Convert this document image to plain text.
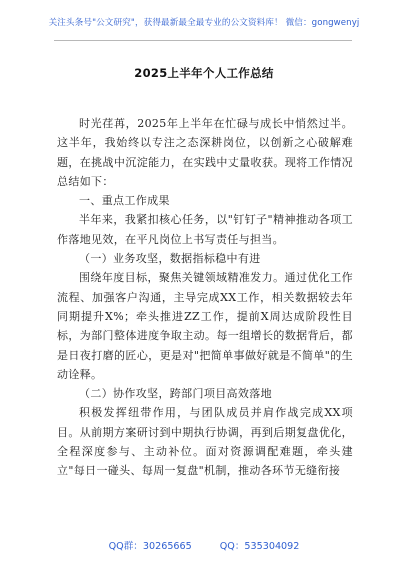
关注头条号"公文研究"，获得最新最全最专业的公文资料库！ 微信：gongwenyj
2025上半年个人工作总结

时光荏苒，2025年上半年在忙碌与成长中悄然过半。这半年，我始终以专注之态深耕岗位，以创新之心破解难题，在挑战中沉淀能力，在实践中丈量收获。现将工作情况总结如下：

一、重点工作成果

半年来，我紧扣核心任务，以"钉钉子"精神推动各项工作落地见效，在平凡岗位上书写责任与担当。

（一）业务攻坚，数据指标稳中有进

围绕年度目标，聚焦关键领域精准发力。通过优化工作流程、加强客户沟通，主导完成XX工作，相关数据较去年同期提升X%；牵头推进ZZ工作，提前X周达成阶段性目标，为部门整体进度争取主动。每一组增长的数据背后，都是日夜打磨的匠心，更是对"把简单事做好就是不简单"的生动诠释。

（二）协作攻坚，跨部门项目高效落地

积极发挥纽带作用，与团队成员并肩作战完成XX项目。从前期方案研讨到中期执行协调，再到后期复盘优化，全程深度参与、主动补位。面对资源调配难题，牵头建立"每日一碰头、每周一复盘"机制，推动各环节无缝衔接

QQ群：30265665	QQ：535304092
